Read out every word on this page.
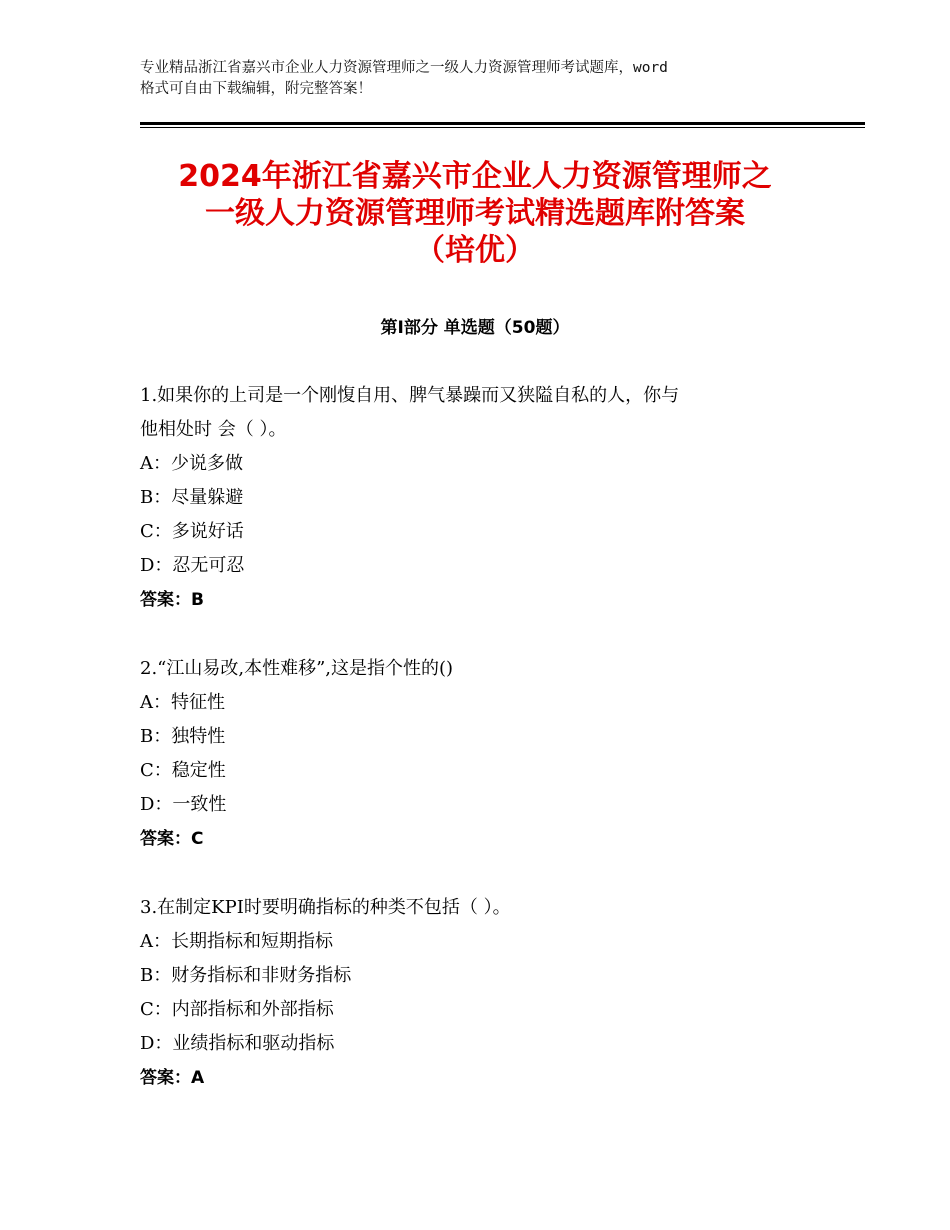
专业精品浙江省嘉兴市企业人力资源管理师之一级人力资源管理师考试题库，word
格式可自由下载编辑，附完整答案！
2024年浙江省嘉兴市企业人力资源管理师之
一级人力资源管理师考试精选题库附答案
（培优）
第Ⅰ部分 单选题（50题）
1.如果你的上司是一个刚愎自用、脾气暴躁而又狭隘自私的人，你与
他相处时 会（ ）。
A：少说多做
B：尽量躲避
C：多说好话
D：忍无可忍
答案：B
2.“江山易改,本性难移”,这是指个性的()
A：特征性
B：独特性
C：稳定性
D：一致性
答案：C
3.在制定KPI时要明确指标的种类不包括（ ）。
A：长期指标和短期指标
B：财务指标和非财务指标
C：内部指标和外部指标
D：业绩指标和驱动指标
答案：A
